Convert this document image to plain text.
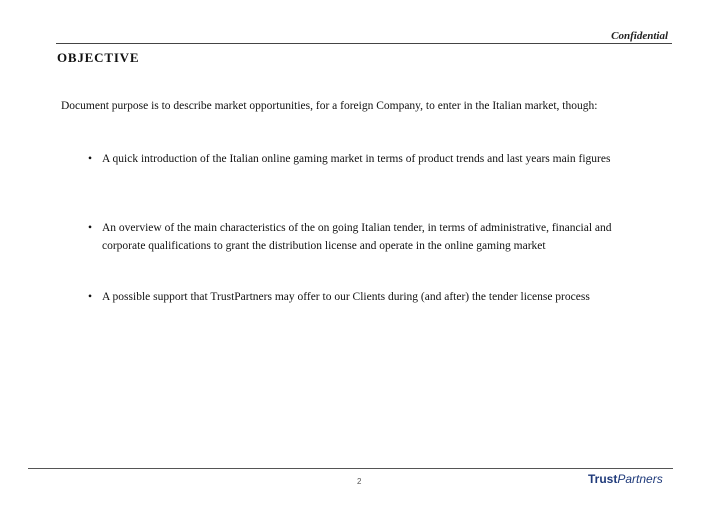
Confidential
OBJECTIVE
Document purpose is to describe market opportunities, for a foreign Company, to enter in the Italian market, though:
• A quick introduction of the Italian online gaming market in terms of product trends and last years main figures
• An overview of the main characteristics of the on going Italian tender, in terms of administrative, financial and corporate qualifications to grant the distribution license and operate in the online gaming market
• A possible support that TrustPartners may offer to our Clients during (and after) the tender license process
2	TrustPartners
